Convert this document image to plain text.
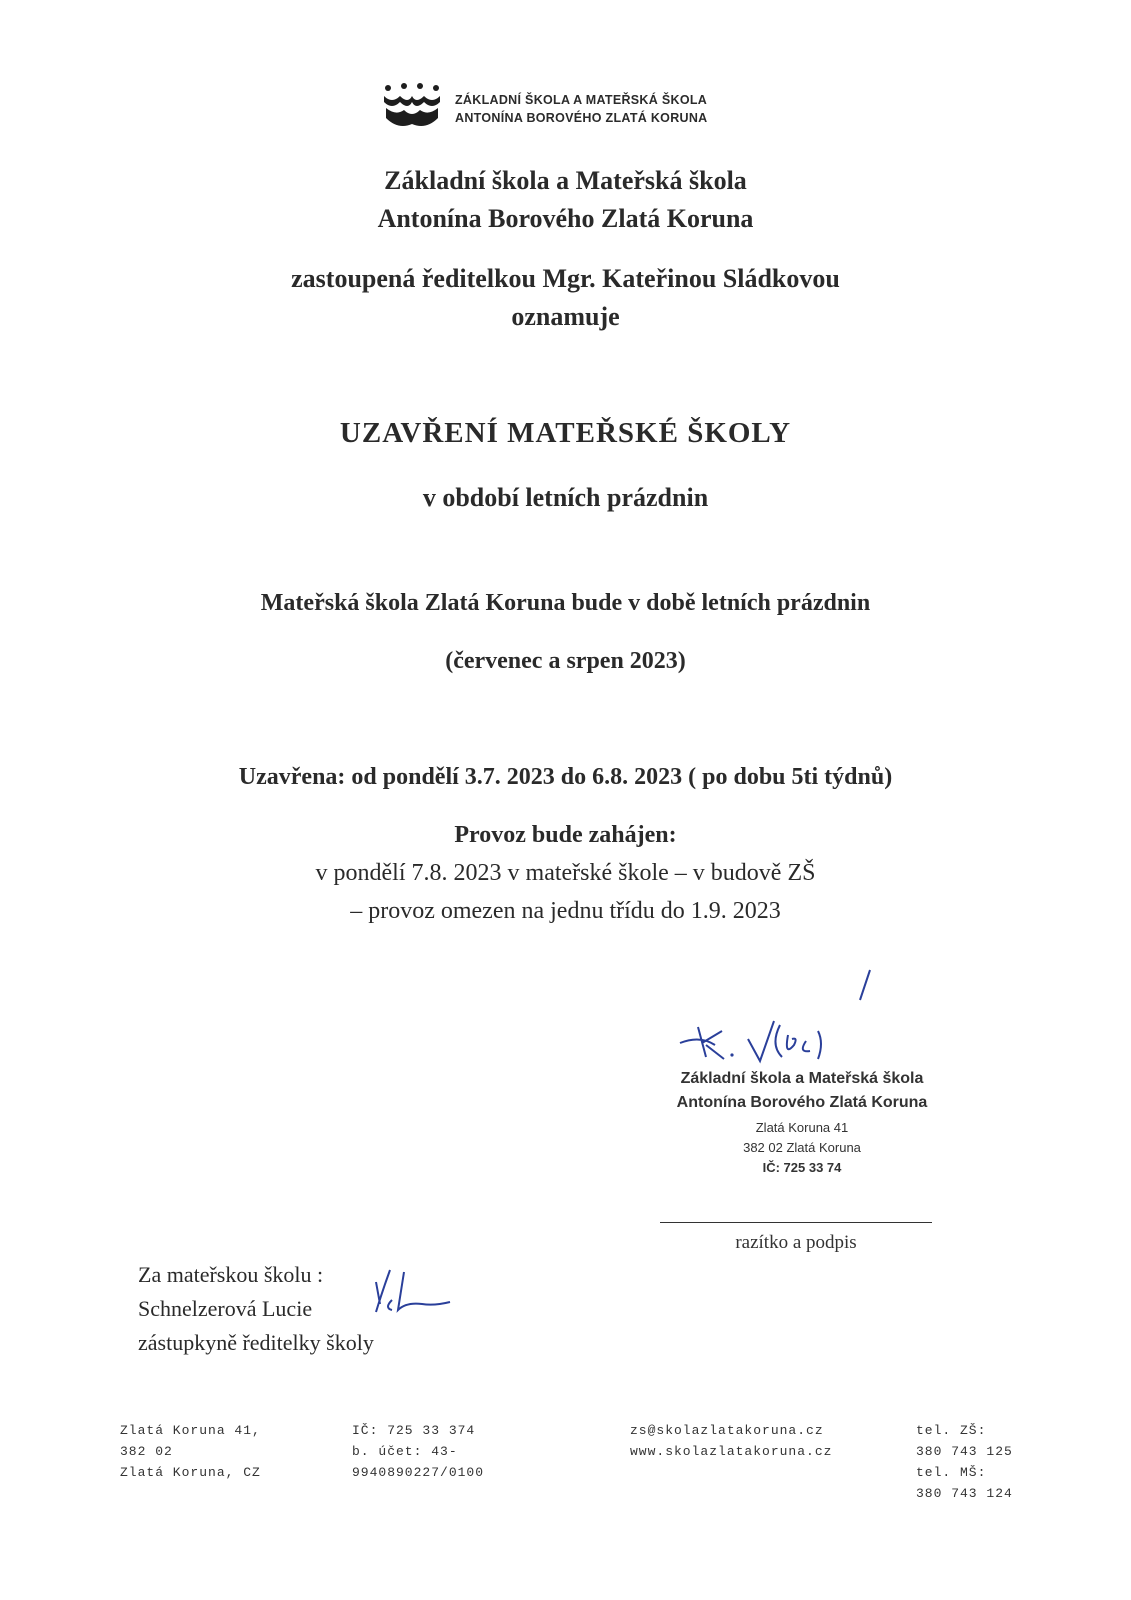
ZÁKLADNÍ ŠKOLA A MATEŘSKÁ ŠKOLA
ANTONÍNA BOROVÉHO ZLATÁ KORUNA
Základní škola a Mateřská škola
Antonína Borového Zlatá Koruna
zastoupená ředitelkou Mgr. Kateřinou Sládkovou
oznamuje
UZAVŘENÍ MATEŘSKÉ ŠKOLY
v období letních prázdnin
Mateřská škola Zlatá Koruna bude v době letních prázdnin
(červenec a srpen 2023)
Uzavřena: od pondělí 3.7. 2023 do 6.8. 2023 ( po dobu 5ti týdnů)
Provoz bude zahájen:
v pondělí 7.8. 2023 v mateřské škole – v budově ZŠ
– provoz omezen na jednu třídu do 1.9. 2023
Základní škola a Mateřská škola
Antonína Borového Zlatá Koruna
Zlatá Koruna 41
382 02 Zlatá Koruna
IČ: 725 33 74
razítko a podpis
Za mateřskou školu :
Schnelzerová Lucie
zástupkyně ředitelky školy
Zlatá Koruna 41,
382 02
Zlatá Koruna, CZ
IČ: 725 33 374
b. účet: 43-
9940890227/0100
zs@skolazlatakoruna.cz
www.skolazlatakoruna.cz
tel. ZŠ:
380 743 125
tel. MŠ:
380 743 124
